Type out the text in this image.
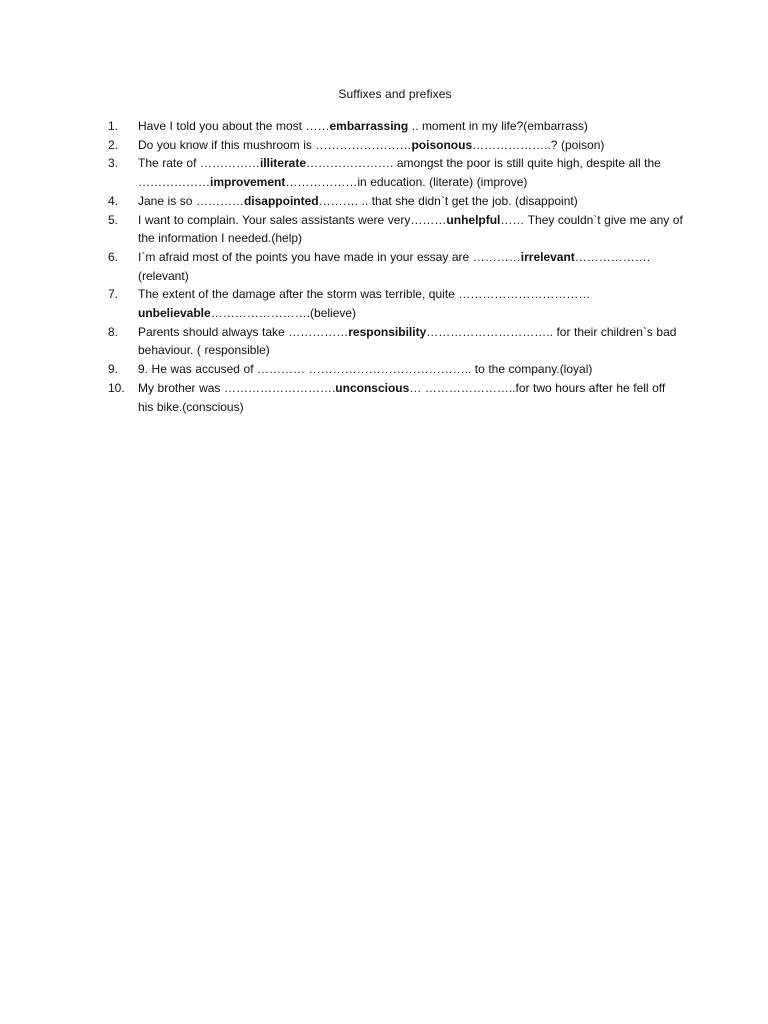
Suffixes and prefixes
1.	Have I told you about the most ……embarrassing .. moment in my life?(embarrass)
2.	Do you know if this mushroom is ……………………poisonous………………..? (poison)
3.	The rate of ……………illiterate…………………. amongst the poor is still quite high, despite all the ………………improvement………………in education. (literate) (improve)
4.	Jane is so …………disappointed………. .. that she didn`t get the job. (disappoint)
5.	I want to complain. Your sales assistants were very………unhelpful…… They couldn`t give me any of the information I needed.(help)
6.	I`m afraid most of the points you have made in your essay are …………irrelevant………………. (relevant)
7.	The extent of the damage after the storm was terrible, quite …………………………… unbelievable…………………….(believe)
8.	Parents should always take ……………responsibility………………………….. for their children`s bad behaviour. ( responsible)
9.	9. He was accused of ………… ………………………………….. to the company.(loyal)
10.	My brother was ……………………….unconscious… …………………..for two hours after he fell off his bike.(conscious)
